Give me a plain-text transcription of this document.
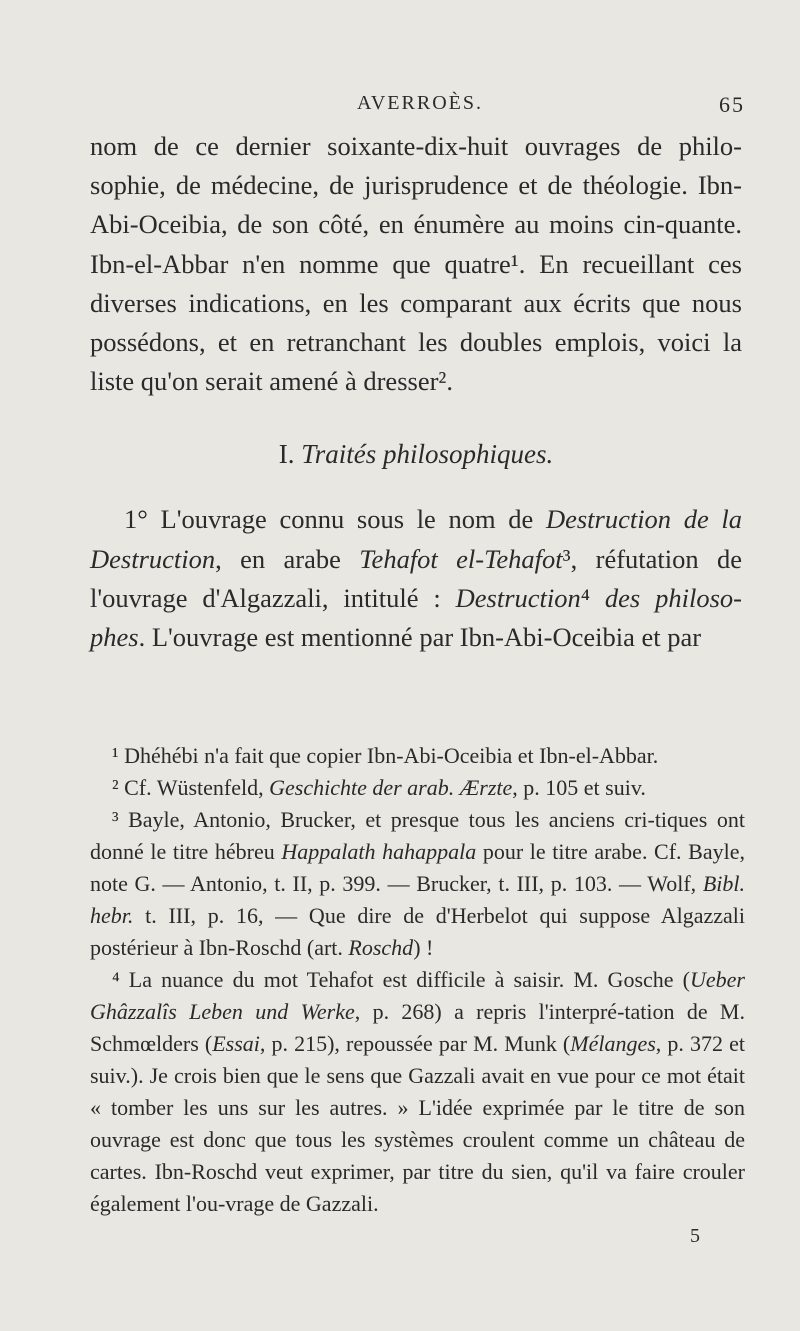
AVERROÈS.	65

nom de ce dernier soixante-dix-huit ouvrages de philo-sophie, de médecine, de jurisprudence et de théologie. Ibn-Abi-Oceibia, de son côté, en énumère au moins cin-quante. Ibn-el-Abbar n'en nomme que quatre¹. En recueillant ces diverses indications, en les comparant aux écrits que nous possédons, et en retranchant les doubles emplois, voici la liste qu'on serait amené à dresser².

I. Traités philosophiques.

1° L'ouvrage connu sous le nom de Destruction de la Destruction, en arabe Tehafot el-Tehafot³, réfutation de l'ouvrage d'Algazzali, intitulé : Destruction⁴ des philoso-phes. L'ouvrage est mentionné par Ibn-Abi-Oceibia et par

¹ Dhéhébi n'a fait que copier Ibn-Abi-Oceibia et Ibn-el-Abbar.

² Cf. Wüstenfeld, Geschichte der arab. Ærzte, p. 105 et suiv.

³ Bayle, Antonio, Brucker, et presque tous les anciens cri-tiques ont donné le titre hébreu Happalath hahappala pour le titre arabe. Cf. Bayle, note G. — Antonio, t. II, p. 399. — Brucker, t. III, p. 103. — Wolf, Bibl. hebr. t. III, p. 16, — Que dire de d'Herbelot qui suppose Algazzali postérieur à Ibn-Roschd (art. Roschd) !

⁴ La nuance du mot Tehafot est difficile à saisir. M. Gosche (Ueber Ghâzzalîs Leben und Werke, p. 268) a repris l'interpré-tation de M. Schmœlders (Essai, p. 215), repoussée par M. Munk (Mélanges, p. 372 et suiv.). Je crois bien que le sens que Gazzali avait en vue pour ce mot était « tomber les uns sur les autres. » L'idée exprimée par le titre de son ouvrage est donc que tous les systèmes croulent comme un château de cartes. Ibn-Roschd veut exprimer, par titre du sien, qu'il va faire crouler également l'ou-vrage de Gazzali.

5
